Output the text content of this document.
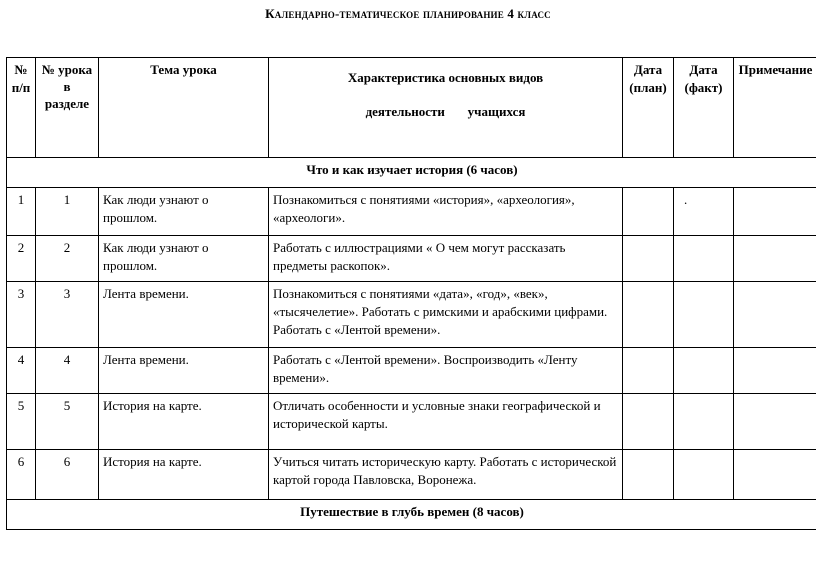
Календарно-тематическое планирование 4 класс
№ п/п	№ урока в разделе	Тема урока	Характеристика основных видов
деятельности       учащихся	Дата (план)	Дата (факт)	Примечание
Что и как изучает история (6 часов)						
1	1	Как люди узнают о прошлом.	Познакомиться с понятиями «история», «археология», «археологи».		.	
2	2	Как люди узнают о прошлом.	Работать с иллюстрациями « О чем могут рассказать предметы раскопок».			
3	3	Лента времени.	Познакомиться с понятиями «дата», «год», «век», «тысячелетие». Работать с римскими и арабскими цифрами. Работать с «Лентой времени».			
4	4	Лента времени.	Работать с «Лентой времени». Воспроизводить «Ленту времени».			
5	5	История на карте.	Отличать особенности и условные знаки географической и исторической карты.			
6	6	История на карте.	Учиться читать историческую карту. Работать с исторической картой города Павловска, Воронежа.			
Путешествие в глубь времен (8 часов)						
